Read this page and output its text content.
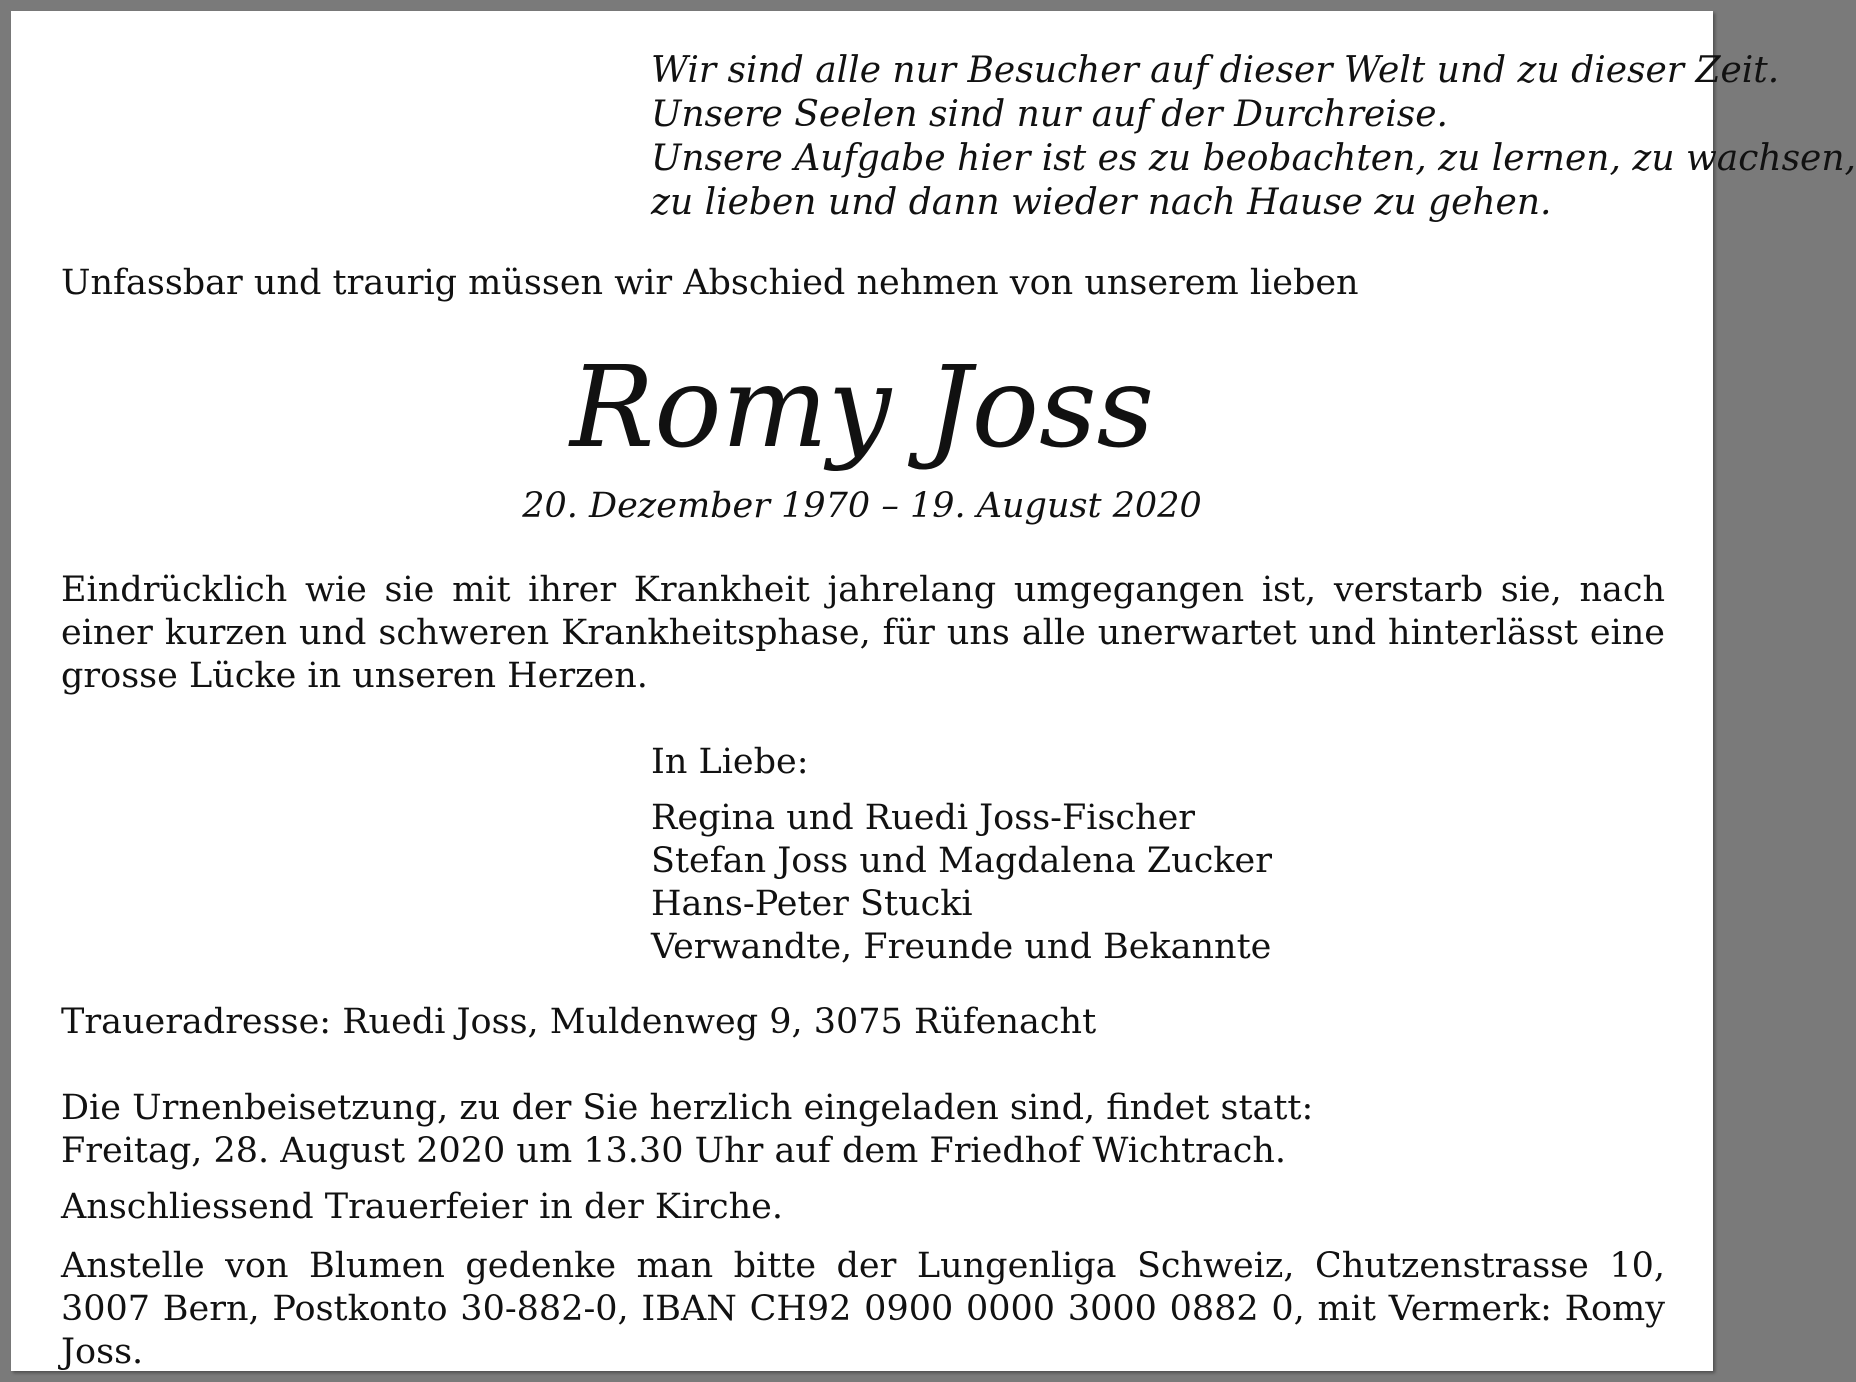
Wir sind alle nur Besucher auf dieser Welt und zu dieser Zeit.
Unsere Seelen sind nur auf der Durchreise.
Unsere Aufgabe hier ist es zu beobachten, zu lernen, zu wachsen,
zu lieben und dann wieder nach Hause zu gehen.
Unfassbar und traurig müssen wir Abschied nehmen von unserem lieben
Romy Joss
20. Dezember 1970 – 19. August 2020
Eindrücklich wie sie mit ihrer Krankheit jahrelang umgegangen ist, verstarb sie, nach einer kurzen und schweren Krankheitsphase, für uns alle unerwartet und hinterlässt eine grosse Lücke in unseren Herzen.
In Liebe:
Regina und Ruedi Joss-Fischer
Stefan Joss und Magdalena Zucker
Hans-Peter Stucki
Verwandte, Freunde und Bekannte
Traueradresse: Ruedi Joss, Muldenweg 9, 3075 Rüfenacht
Die Urnenbeisetzung, zu der Sie herzlich eingeladen sind, findet statt:
Freitag, 28. August 2020 um 13.30 Uhr auf dem Friedhof Wichtrach.
Anschliessend Trauerfeier in der Kirche.
Anstelle von Blumen gedenke man bitte der Lungenliga Schweiz, Chutzenstrasse 10, 3007 Bern, Postkonto 30-882-0, IBAN CH92 0900 0000 3000 0882 0, mit Vermerk: Romy Joss.
